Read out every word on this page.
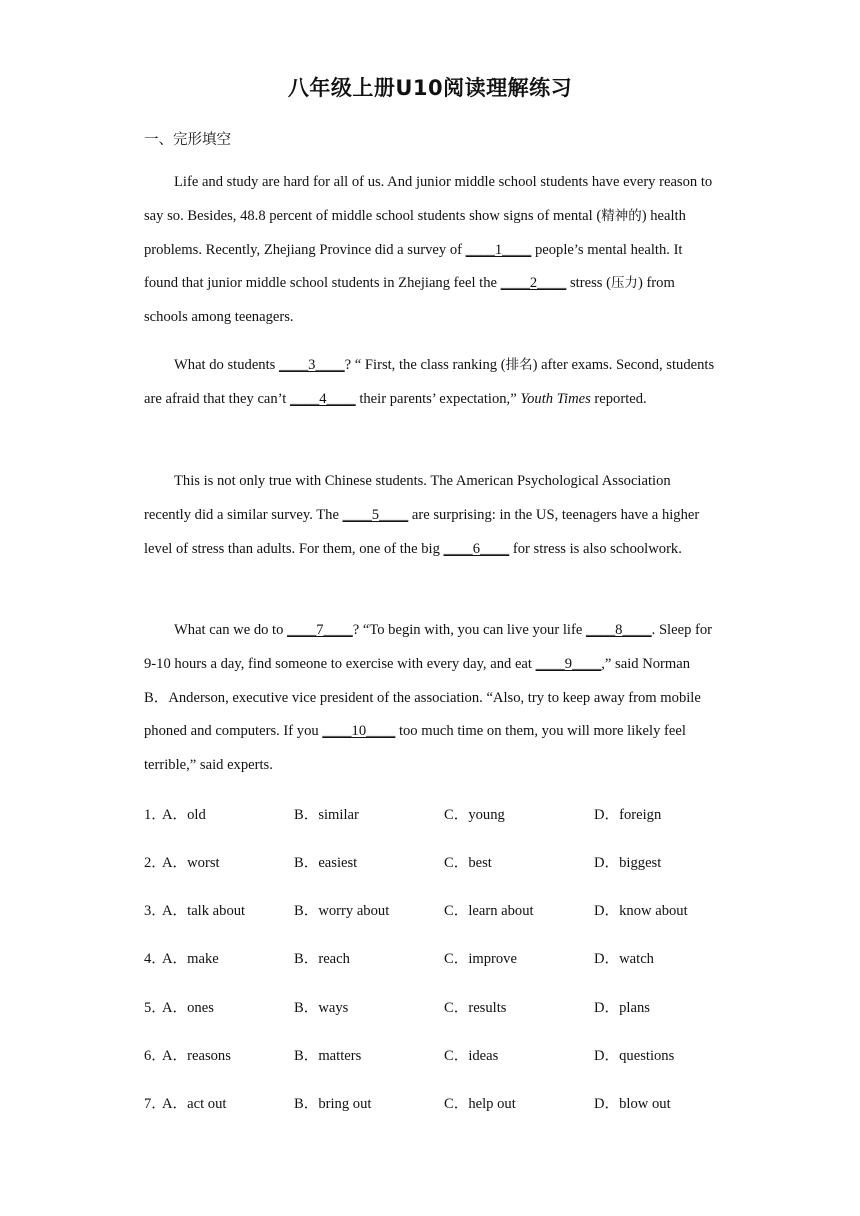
八年级上册U10阅读理解练习
一、完形填空

Life and study are hard for all of us. And junior middle school students have every reason to say so. Besides, 48.8 percent of middle school students show signs of mental (精神的) health problems. Recently, Zhejiang Province did a survey of ____1____ people’s mental health. It found that junior middle school students in Zhejiang feel the ____2____ stress (压力) from schools among teenagers.

What do students ____3____? “ First, the class ranking (排名) after exams. Second, students are afraid that they can’t ____4____ their parents’ expectation,” Youth Times reported.

This is not only true with Chinese students. The American Psychological Association recently did a similar survey. The ____5____ are surprising: in the US, teenagers have a higher level of stress than adults. For them, one of the big ____6____ for stress is also schoolwork.

What can we do to ____7____? “To begin with, you can live your life ____8____. Sleep for 9-10 hours a day, find someone to exercise with every day, and eat ____9____,” said Norman B．Anderson, executive vice president of the association. “Also, try to keep away from mobile phoned and computers. If you ____10____ too much time on them, you will more likely feel terrible,” said experts.

1．
A．old	B．similar	C．young	D．foreign
2．
A．worst	B．easiest	C．best	D．biggest
3．
A．talk about	B．worry about	C．learn about	D．know about
4．
A．make	B．reach	C．improve	D．watch
5．
A．ones	B．ways	C．results	D．plans
6．
A．reasons	B．matters	C．ideas	D．questions
7．
A．act out	B．bring out	C．help out	D．blow out
